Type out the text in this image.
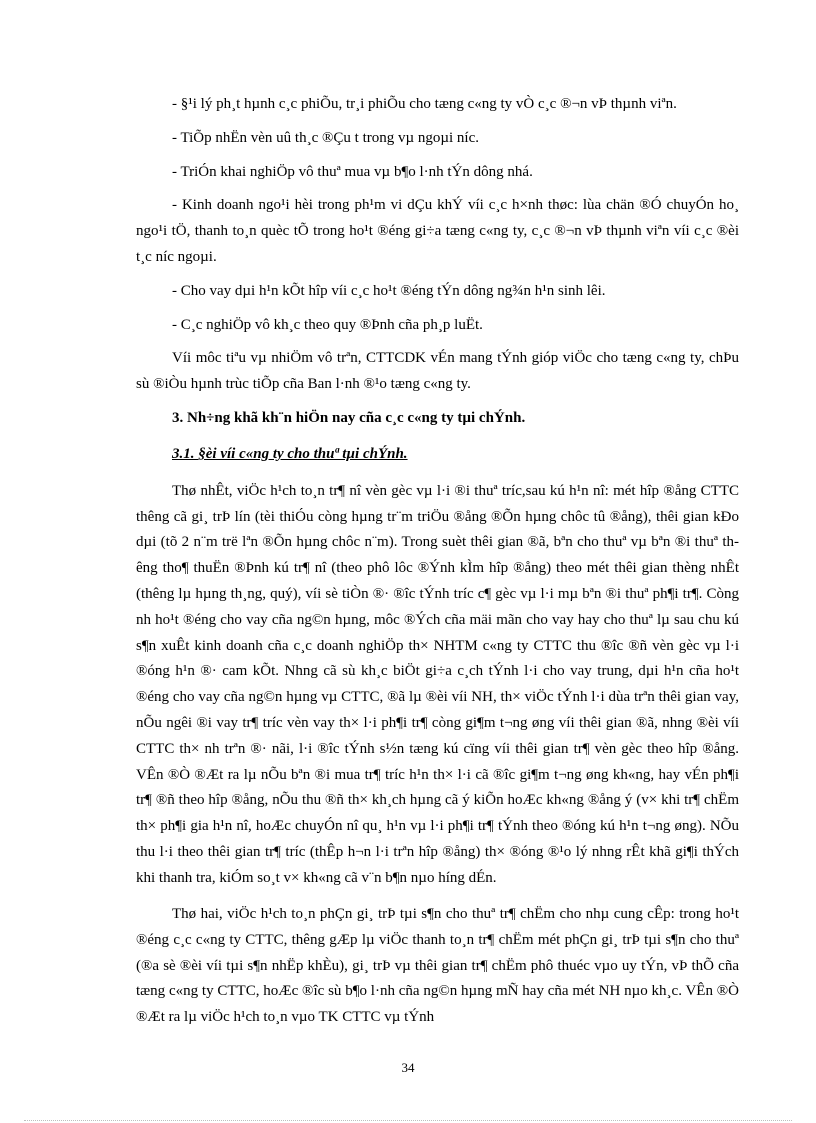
- §¹i lý ph¸t hµnh c¸c phiÕu, tr¸i phiÕu cho tæng c«ng ty vÒ c¸c ®¬n vÞ thµnh viªn.

- TiÕp nhËn vèn uû th¸c ®Çu t trong vµ ngoµi níc.

- TriÓn khai nghiÖp vô thuª mua vµ b¶o l·nh tÝn dông nhá.

- Kinh doanh ngo¹i hèi trong ph¹m vi dÇu khÝ víi c¸c h×nh thøc: lùa chän ®Ó chuyÓn ho¸ ngo¹i tÖ, thanh to¸n quèc tÕ trong ho¹t ®éng gi÷a tæng c«ng ty, c¸c ®¬n vÞ thµnh viªn víi c¸c ®èi t¸c níc ngoµi.

- Cho vay dµi h¹n kÕt hîp víi c¸c ho¹t ®éng tÝn dông ng¾n h¹n sinh lêi.

- C¸c nghiÖp vô kh¸c theo quy ®Þnh cña ph¸p luËt.

Víi môc tiªu vµ nhiÖm vô trªn, CTTCDK vÉn mang tÝnh gióp viÖc cho tæng c«ng ty, chÞu sù ®iÒu hµnh trùc tiÕp cña Ban l·nh ®¹o tæng c«ng ty.

3. Nh÷ng khã kh¨n hiÖn nay cña c¸c c«ng ty tµi chÝnh.

3.1. §èi víi c«ng ty cho thuª tµi chÝnh.

Thø nhÊt, viÖc h¹ch to¸n tr¶ nî vèn gèc vµ l·i ®i thuª tríc,sau kú h¹n nî: mét hîp ®ång CTTC thêng cã gi¸ trÞ lín (tèi thiÓu còng hµng tr¨m triÖu ®ång ®Õn hµng chôc tû ®ång), thêi gian kÐo dµi (tõ 2 n¨m trë lªn ®Õn hµng chôc n¨m). Trong suèt thêi gian ®ã, bªn cho thuª vµ bªn ®i thuª thêng tho¶ thuËn ®Þnh kú tr¶ nî (theo phô lôc ®Ýnh kÌm hîp ®ång) theo mét thêi gian thèng nhÊt (thêng lµ hµng th¸ng, quý), víi sè tiÒn ®· ®îc tÝnh tríc c¶ gèc vµ l·i mµ bªn ®i thuª ph¶i tr¶. Còng nh ho¹t ®éng cho vay cña ng©n hµng, môc ®Ých cña mäi mãn cho vay hay cho thuª lµ sau chu kú s¶n xuÊt kinh doanh cña c¸c doanh nghiÖp th× NHTM c«ng ty CTTC thu ®îc ®ñ vèn gèc vµ l·i ®óng h¹n ®· cam kÕt. Nhng cã sù kh¸c biÖt gi÷a c¸ch tÝnh l·i cho vay trung, dµi h¹n cña ho¹t ®éng cho vay cña ng©n hµng vµ CTTC, ®ã lµ ®èi víi NH, th× viÖc tÝnh l·i dùa trªn thêi gian vay, nÕu ngêi ®i vay tr¶ tríc vèn vay th× l·i ph¶i tr¶ còng gi¶m t¬ng øng víi thêi gian ®ã, nhng ®èi víi CTTC th× nh trªn ®· nãi, l·i ®îc tÝnh s½n tæng kú cïng víi thêi gian tr¶ vèn gèc theo hîp ®ång. VÊn ®Ò ®Æt ra lµ nÕu bªn ®i mua tr¶ tríc h¹n th× l·i cã ®îc gi¶m t¬ng øng kh«ng, hay vÉn ph¶i tr¶ ®ñ theo hîp ®ång, nÕu thu ®ñ th× kh¸ch hµng cã ý kiÕn hoÆc kh«ng ®ång ý (v× khi tr¶ chËm th× ph¶i gia h¹n nî, hoÆc chuyÓn nî qu¸ h¹n vµ l·i ph¶i tr¶ tÝnh theo ®óng kú h¹n t¬ng øng). NÕu thu l·i theo thêi gian tr¶ tríc (thÊp h¬n l·i trªn hîp ®ång) th× ®óng ®¹o lý nhng rÊt khã gi¶i thÝch khi thanh tra, kiÓm so¸t v× kh«ng cã v¨n b¶n nµo híng dÉn.

Thø hai, viÖc h¹ch to¸n phÇn gi¸ trÞ tµi s¶n cho thuª tr¶ chËm cho nhµ cung cÊp: trong ho¹t ®éng c¸c c«ng ty CTTC, thêng gÆp lµ viÖc thanh to¸n tr¶ chËm mét phÇn gi¸ trÞ tµi s¶n cho thuª (®a sè ®èi víi tµi s¶n nhËp khÈu), gi¸ trÞ vµ thêi gian tr¶ chËm phô thuéc vµo uy tÝn, vÞ thÕ cña tæng c«ng ty CTTC, hoÆc ®îc sù b¶o l·nh cña ng©n hµng mÑ hay cña mét NH nµo kh¸c. VÊn ®Ò ®Æt ra lµ viÖc h¹ch to¸n vµo TK CTTC vµ tÝnh

34
